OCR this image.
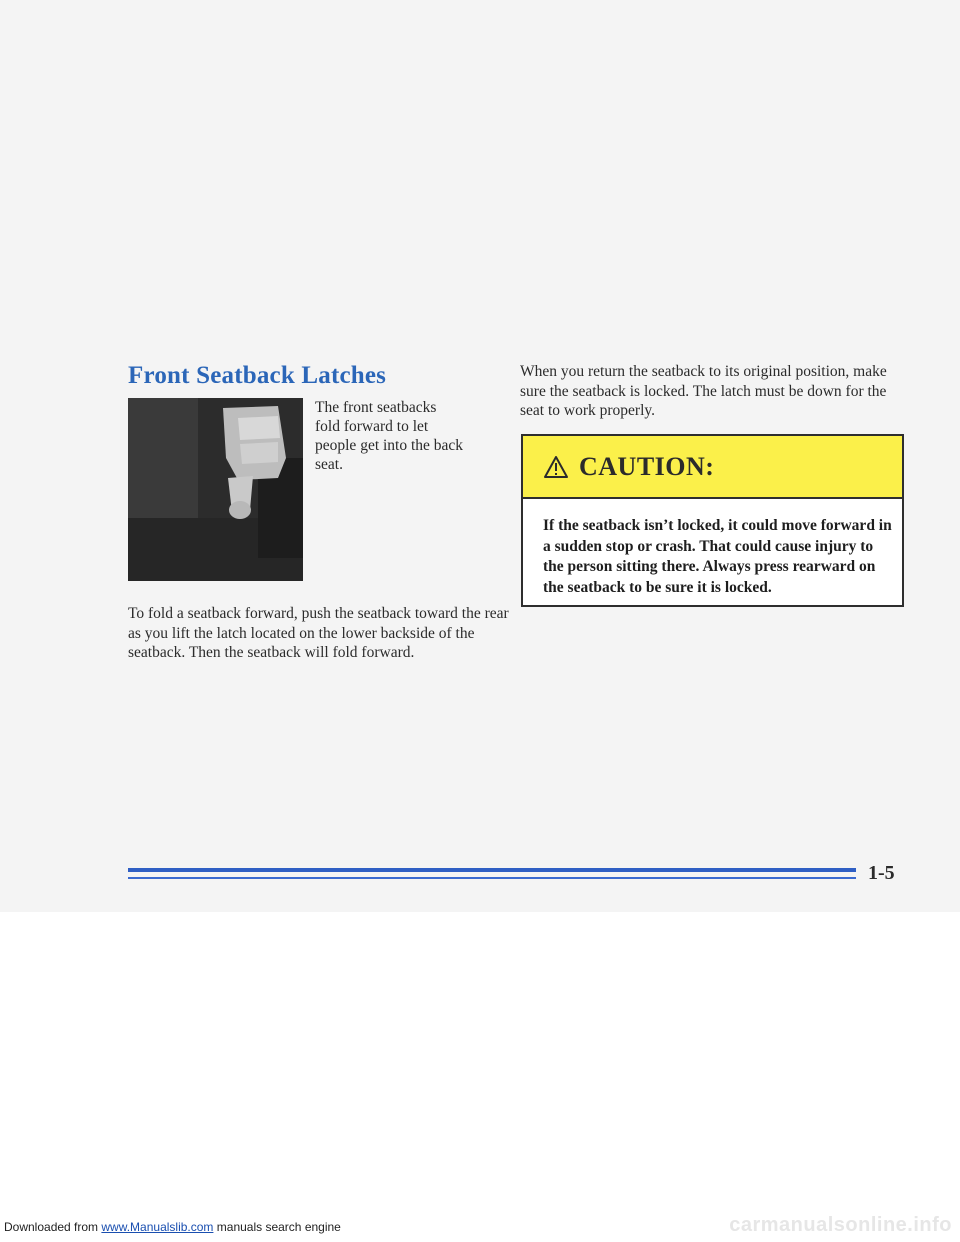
Front Seatback Latches
The front seatbacks fold forward to let people get into the back seat.
To fold a seatback forward, push the seatback toward the rear as you lift the latch located on the lower backside of the seatback. Then the seatback will fold forward.
When you return the seatback to its original position, make sure the seatback is locked. The latch must be down for the seat to work properly.
CAUTION:
If the seatback isn’t locked, it could move forward in a sudden stop or crash. That could cause injury to the person sitting there. Always press rearward on the seatback to be sure it is locked.
1-5
Downloaded from www.Manualslib.com manuals search engine	carmanualsonline.info
